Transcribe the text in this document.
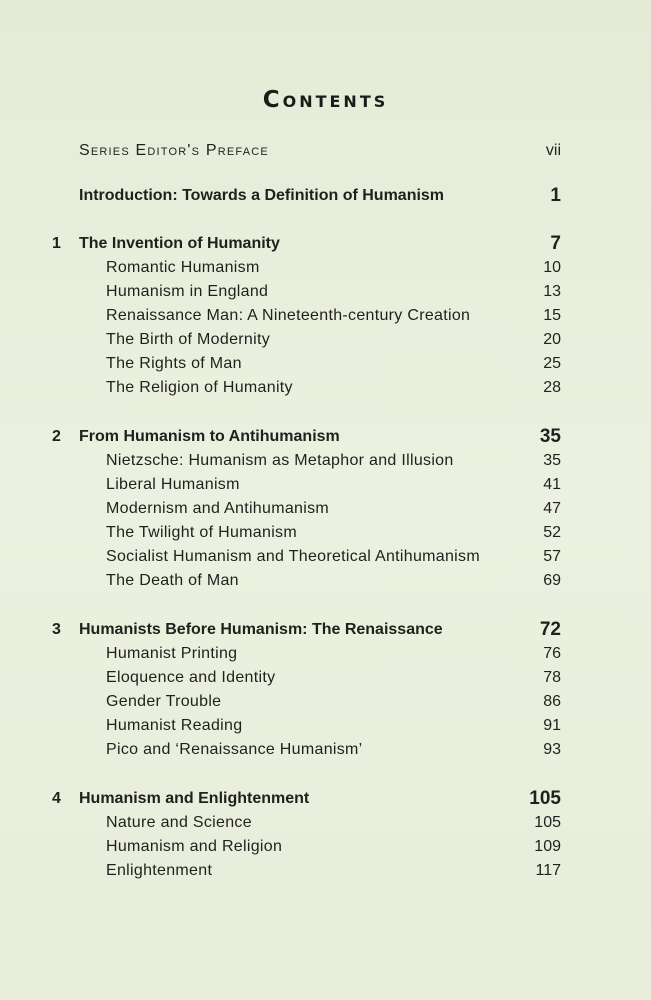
Contents
Series Editor's Preface	vii
Introduction: Towards a Definition of Humanism	1
1 The Invention of Humanity	7
Romantic Humanism	10
Humanism in England	13
Renaissance Man: A Nineteenth-century Creation	15
The Birth of Modernity	20
The Rights of Man	25
The Religion of Humanity	28
2 From Humanism to Antihumanism	35
Nietzsche: Humanism as Metaphor and Illusion	35
Liberal Humanism	41
Modernism and Antihumanism	47
The Twilight of Humanism	52
Socialist Humanism and Theoretical Antihumanism	57
The Death of Man	69
3 Humanists Before Humanism: The Renaissance	72
Humanist Printing	76
Eloquence and Identity	78
Gender Trouble	86
Humanist Reading	91
Pico and ‘Renaissance Humanism’	93
4 Humanism and Enlightenment	105
Nature and Science	105
Humanism and Religion	109
Enlightenment	117
